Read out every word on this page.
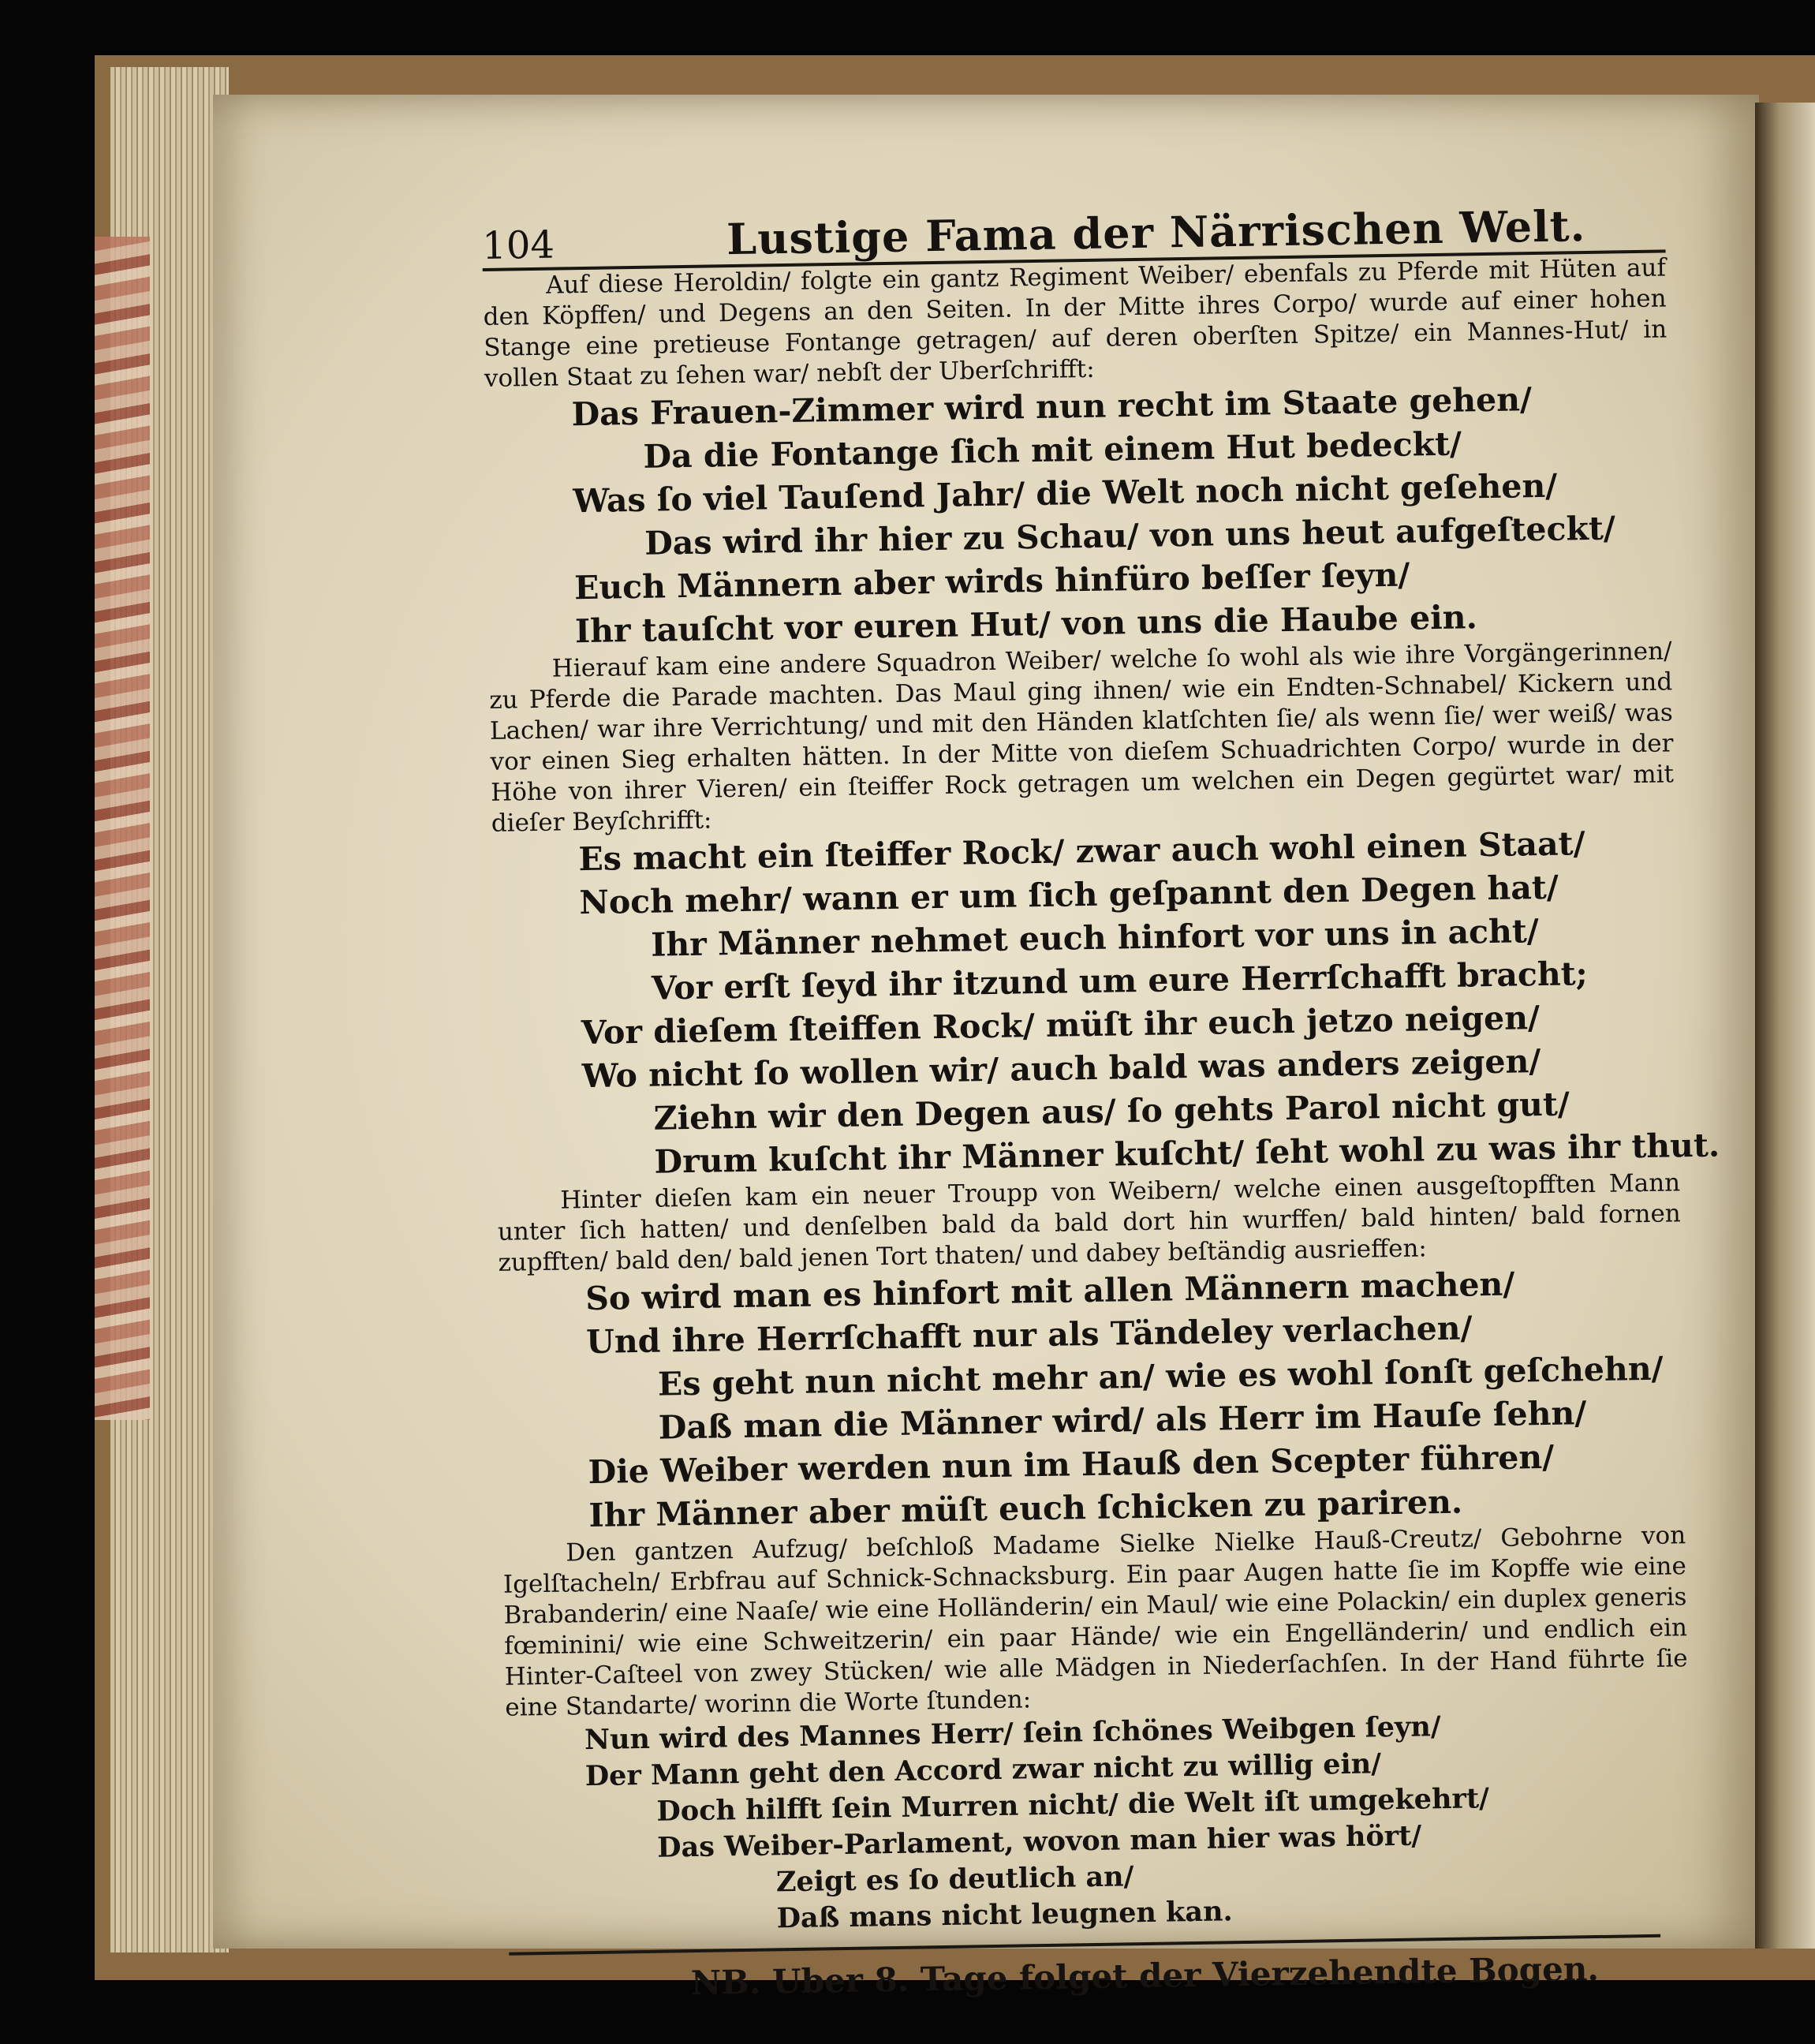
104	Lustige Fama der Närrischen Welt.

Auf diese Heroldin/ folgte ein gantz Regiment Weiber/ ebenfals zu Pferde mit Hüten auf den Köpffen/ und Degens an den Seiten. In der Mitte ihres Corpo/ wurde auf einer hohen Stange eine pretieuse Fontange getragen/ auf deren oberſten Spitze/ ein Mannes-Hut/ in vollen Staat zu ſehen war/ nebſt der Uberſchrifft:

Das Frauen-Zimmer wird nun recht im Staate gehen/

Da die Fontange ſich mit einem Hut bedeckt/

Was ſo viel Tauſend Jahr/ die Welt noch nicht geſehen/

Das wird ihr hier zu Schau/ von uns heut aufgeſteckt/

Euch Männern aber wirds hinfüro beſſer ſeyn/

Ihr tauſcht vor euren Hut/ von uns die Haube ein.

Hierauf kam eine andere Squadron Weiber/ welche ſo wohl als wie ihre Vorgängerinnen/ zu Pferde die Parade machten. Das Maul ging ihnen/ wie ein Endten-Schnabel/ Kickern und Lachen/ war ihre Verrichtung/ und mit den Händen klatſchten ſie/ als wenn ſie/ wer weiß/ was vor einen Sieg erhalten hätten. In der Mitte von dieſem Schuadrichten Corpo/ wurde in der Höhe von ihrer Vieren/ ein ſteiffer Rock getragen um welchen ein Degen gegürtet war/ mit dieſer Beyſchrifft:

Es macht ein ſteiffer Rock/ zwar auch wohl einen Staat/

Noch mehr/ wann er um ſich geſpannt den Degen hat/

Ihr Männer nehmet euch hinfort vor uns in acht/

Vor erſt ſeyd ihr itzund um eure Herrſchafft bracht;

Vor dieſem ſteiffen Rock/ müſt ihr euch jetzo neigen/

Wo nicht ſo wollen wir/ auch bald was anders zeigen/

Ziehn wir den Degen aus/ ſo gehts Parol nicht gut/

Drum kuſcht ihr Männer kuſcht/ ſeht wohl zu was ihr thut.

Hinter dieſen kam ein neuer Troupp von Weibern/ welche einen ausgeſtopfften Mann unter ſich hatten/ und denſelben bald da bald dort hin wurffen/ bald hinten/ bald fornen zupfften/ bald den/ bald jenen Tort thaten/ und dabey beſtändig ausrieffen:

So wird man es hinfort mit allen Männern machen/

Und ihre Herrſchafft nur als Tändeley verlachen/

Es geht nun nicht mehr an/ wie es wohl ſonſt geſchehn/

Daß man die Männer wird/ als Herr im Hauſe ſehn/

Die Weiber werden nun im Hauß den Scepter führen/

Ihr Männer aber müſt euch ſchicken zu pariren.

Den gantzen Aufzug/ beſchloß Madame Sielke Nielke Hauß-Creutz/ Gebohrne von Igelſtacheln/ Erbfrau auf Schnick-Schnacksburg. Ein paar Augen hatte ſie im Kopffe wie eine Brabanderin/ eine Naaſe/ wie eine Holländerin/ ein Maul/ wie eine Polackin/ ein duplex generis fœminini/ wie eine Schweitzerin/ ein paar Hände/ wie ein Engelländerin/ und endlich ein Hinter-Caſteel von zwey Stücken/ wie alle Mädgen in Niederſachſen. In der Hand führte ſie eine Standarte/ worinn die Worte ſtunden:

Nun wird des Mannes Herr/ ſein ſchönes Weibgen ſeyn/

Der Mann geht den Accord zwar nicht zu willig ein/

Doch hilfft ſein Murren nicht/ die Welt iſt umgekehrt/

Das Weiber-Parlament, wovon man hier was hört/

Zeigt es ſo deutlich an/

Daß mans nicht leugnen kan.

NB. Uber 8. Tage folget der Vierzehendte Bogen.
